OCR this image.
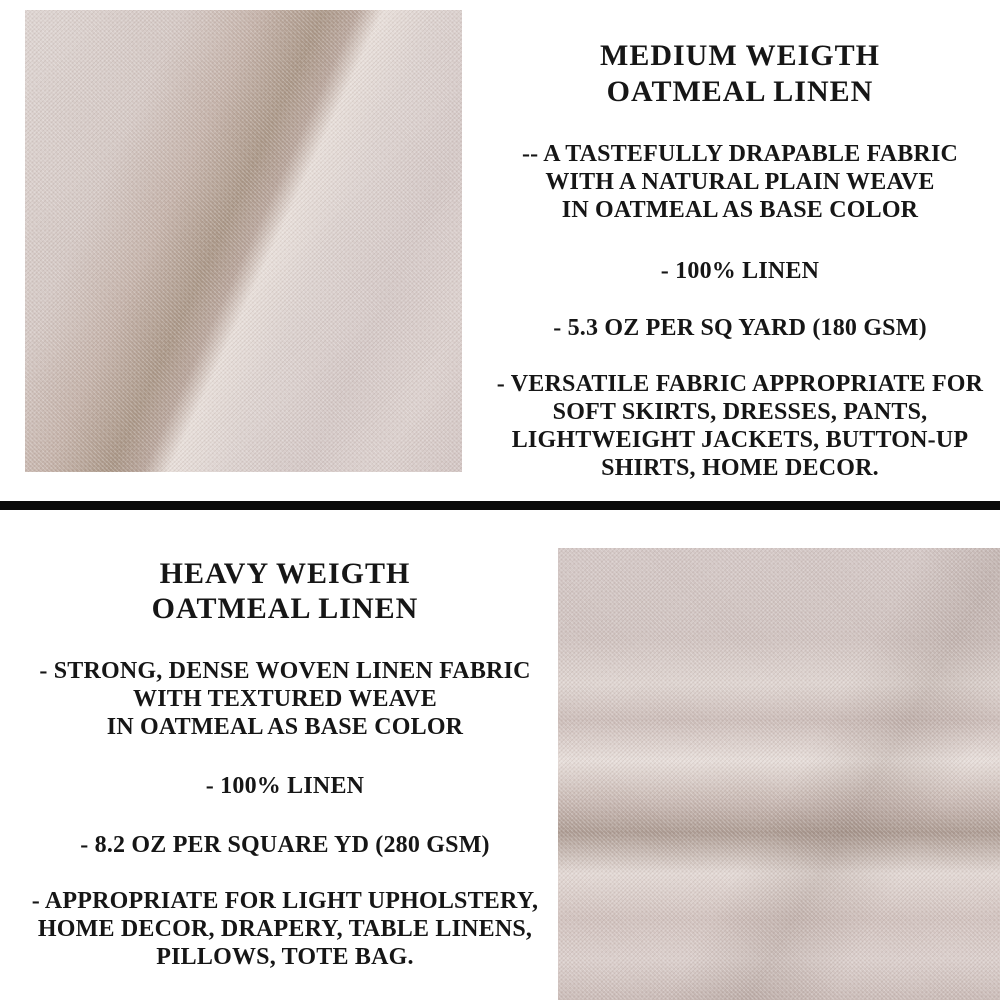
MEDIUM WEIGTH
OATMEAL LINEN
-- A TASTEFULLY DRAPABLE FABRIC
WITH A NATURAL PLAIN WEAVE
IN OATMEAL AS BASE COLOR
- 100% LINEN
- 5.3 OZ PER SQ YARD (180 GSM)
- VERSATILE FABRIC APPROPRIATE FOR
SOFT SKIRTS, DRESSES, PANTS,
LIGHTWEIGHT JACKETS, BUTTON-UP
SHIRTS, HOME DECOR.
HEAVY WEIGTH
OATMEAL LINEN
- STRONG, DENSE WOVEN LINEN FABRIC
WITH TEXTURED WEAVE
IN OATMEAL AS BASE COLOR
- 100% LINEN
- 8.2 OZ PER SQUARE YD (280 GSM)
- APPROPRIATE FOR LIGHT UPHOLSTERY,
HOME DECOR, DRAPERY, TABLE LINENS,
PILLOWS, TOTE BAG.
